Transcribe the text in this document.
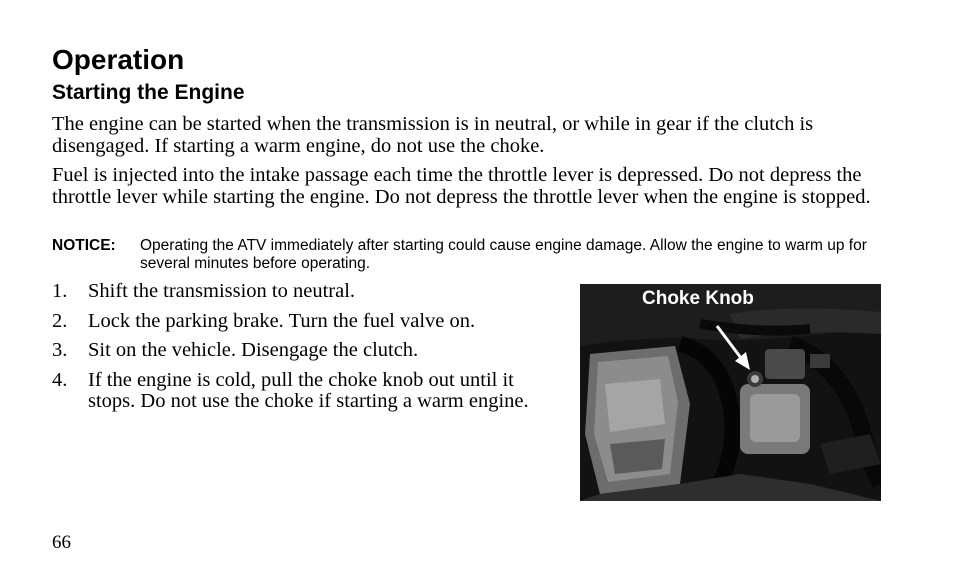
Operation
Starting the Engine

The engine can be started when the transmission is in neutral, or while in gear if the clutch is disengaged. If starting a warm engine, do not use the choke.

Fuel is injected into the intake passage each time the throttle lever is depressed. Do not depress the throttle lever while starting the engine. Do not depress the throttle lever when the engine is stopped.

NOTICE: Operating the ATV immediately after starting could cause engine damage. Allow the engine to warm up for several minutes before operating.
1. Shift the transmission to neutral.
2. Lock the parking brake. Turn the fuel valve on.
3. Sit on the vehicle. Disengage the clutch.
4. If the engine is cold, pull the choke knob out until it stops. Do not use the choke if starting a warm engine.
Choke Knob
66
